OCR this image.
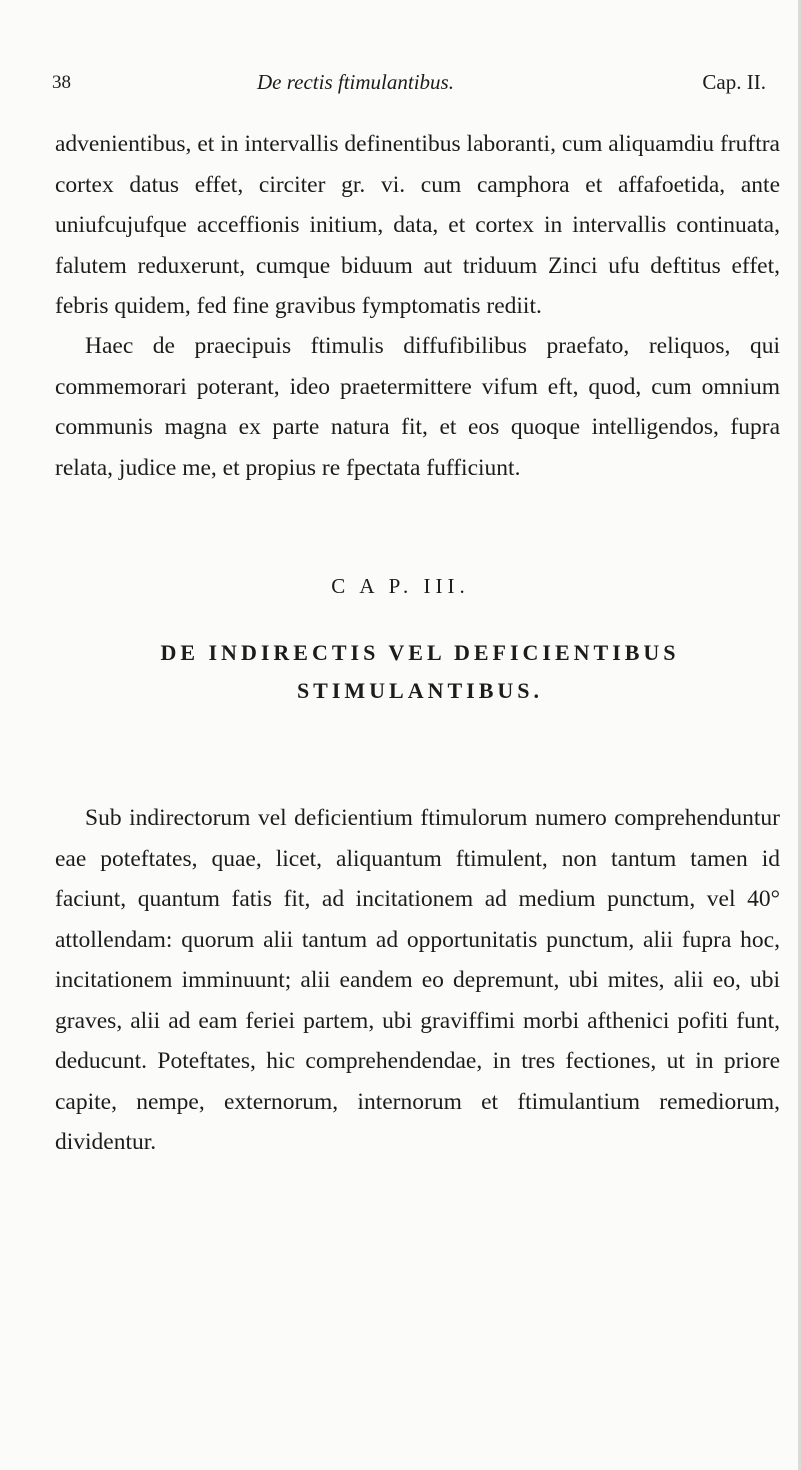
38	De rectis ftimulantibus.	Cap. II.

advenientibus, et in intervallis definentibus laboranti, cum aliquamdiu fruftra cortex datus effet, circiter gr. vi. cum camphora et affafoetida, ante uniufcujufque acceffionis initium, data, et cortex in intervallis continuata, falutem reduxerunt, cumque biduum aut triduum Zinci ufu deftitus effet, febris quidem, fed fine gravibus fymptomatis rediit.

Haec de praecipuis ftimulis diffufibilibus praefato, reliquos, qui commemorari poterant, ideo praetermittere vifum eft, quod, cum omnium communis magna ex parte natura fit, et eos quoque intelligendos, fupra relata, judice me, et propius re fpectata fufficiunt.

C A P. III.
DE INDIRECTIS VEL DEFICIENTIBUS
STIMULANTIBUS.

Sub indirectorum vel deficientium ftimulorum numero comprehenduntur eae poteftates, quae, licet, aliquantum ftimulent, non tantum tamen id faciunt, quantum fatis fit, ad incitationem ad medium punctum, vel 40° attollendam: quorum alii tantum ad opportunitatis punctum, alii fupra hoc, incitationem imminuunt; alii eandem eo depremunt, ubi mites, alii eo, ubi graves, alii ad eam feriei partem, ubi graviffimi morbi afthenici pofiti funt, deducunt. Poteftates, hic comprehendendae, in tres fectiones, ut in priore capite, nempe, externorum, internorum et ftimulantium remediorum, dividentur.
